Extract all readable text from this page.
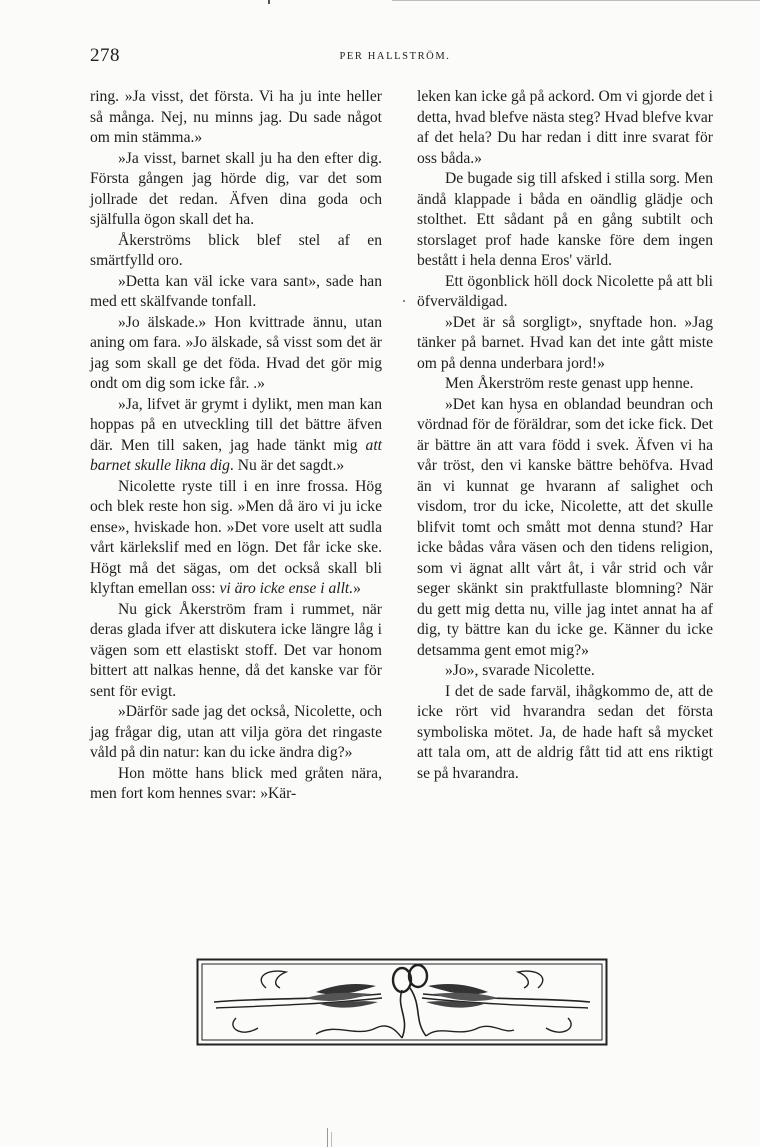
278	PER HALLSTRÖM.

ring. »Ja visst, det första. Vi ha ju inte heller så många. Nej, nu minns jag. Du sade något om min stämma.»

»Ja visst, barnet skall ju ha den efter dig. Första gången jag hörde dig, var det som jollrade det redan. Äfven dina goda och själfulla ögon skall det ha.

Åkerströms blick blef stel af en smärtfylld oro.

»Detta kan väl icke vara sant», sade han med ett skälfvande tonfall.

»Jo älskade.» Hon kvittrade ännu, utan aning om fara. »Jo älskade, så visst som det är jag som skall ge det föda. Hvad det gör mig ondt om dig som icke får. .»

»Ja, lifvet är grymt i dylikt, men man kan hoppas på en utveckling till det bättre äfven där. Men till saken, jag hade tänkt mig att barnet skulle likna dig. Nu är det sagdt.»

Nicolette ryste till i en inre frossa. Hög och blek reste hon sig. »Men då äro vi ju icke ense», hviskade hon. »Det vore uselt att sudla vårt kärlekslif med en lögn. Det får icke ske. Högt må det sägas, om det också skall bli klyftan emellan oss: vi äro icke ense i allt.»

Nu gick Åkerström fram i rummet, när deras glada ifver att diskutera icke längre låg i vägen som ett elastiskt stoff. Det var honom bittert att nalkas henne, då det kanske var för sent för evigt.

»Därför sade jag det också, Nicolette, och jag frågar dig, utan att vilja göra det ringaste våld på din natur: kan du icke ändra dig?»

Hon mötte hans blick med gråten nära, men fort kom hennes svar: »Kär-

leken kan icke gå på ackord. Om vi gjorde det i detta, hvad blefve nästa steg? Hvad blefve kvar af det hela? Du har redan i ditt inre svarat för oss båda.»

De bugade sig till afsked i stilla sorg. Men ändå klappade i båda en oändlig glädje och stolthet. Ett sådant på en gång subtilt och storslaget prof hade kanske före dem ingen bestått i hela denna Eros' värld.

Ett ögonblick höll dock Nicolette på att bli öfverväldigad.

»Det är så sorgligt», snyftade hon. »Jag tänker på barnet. Hvad kan det inte gått miste om på denna underbara jord!»

Men Åkerström reste genast upp henne.

»Det kan hysa en oblandad beundran och vördnad för de föräldrar, som det icke fick. Det är bättre än att vara född i svek. Äfven vi ha vår tröst, den vi kanske bättre behöfva. Hvad än vi kunnat ge hvarann af salighet och visdom, tror du icke, Nicolette, att det skulle blifvit tomt och smått mot denna stund? Har icke bådas våra väsen och den tidens religion, som vi ägnat allt vårt åt, i vår strid och vår seger skänkt sin praktfullaste blomning? När du gett mig detta nu, ville jag intet annat ha af dig, ty bättre kan du icke ge. Känner du icke detsamma gent emot mig?»

»Jo», svarade Nicolette.

I det de sade farväl, ihågkommo de, att de icke rört vid hvarandra sedan det första symboliska mötet. Ja, de hade haft så mycket att tala om, att de aldrig fått tid att ens riktigt se på hvarandra.
